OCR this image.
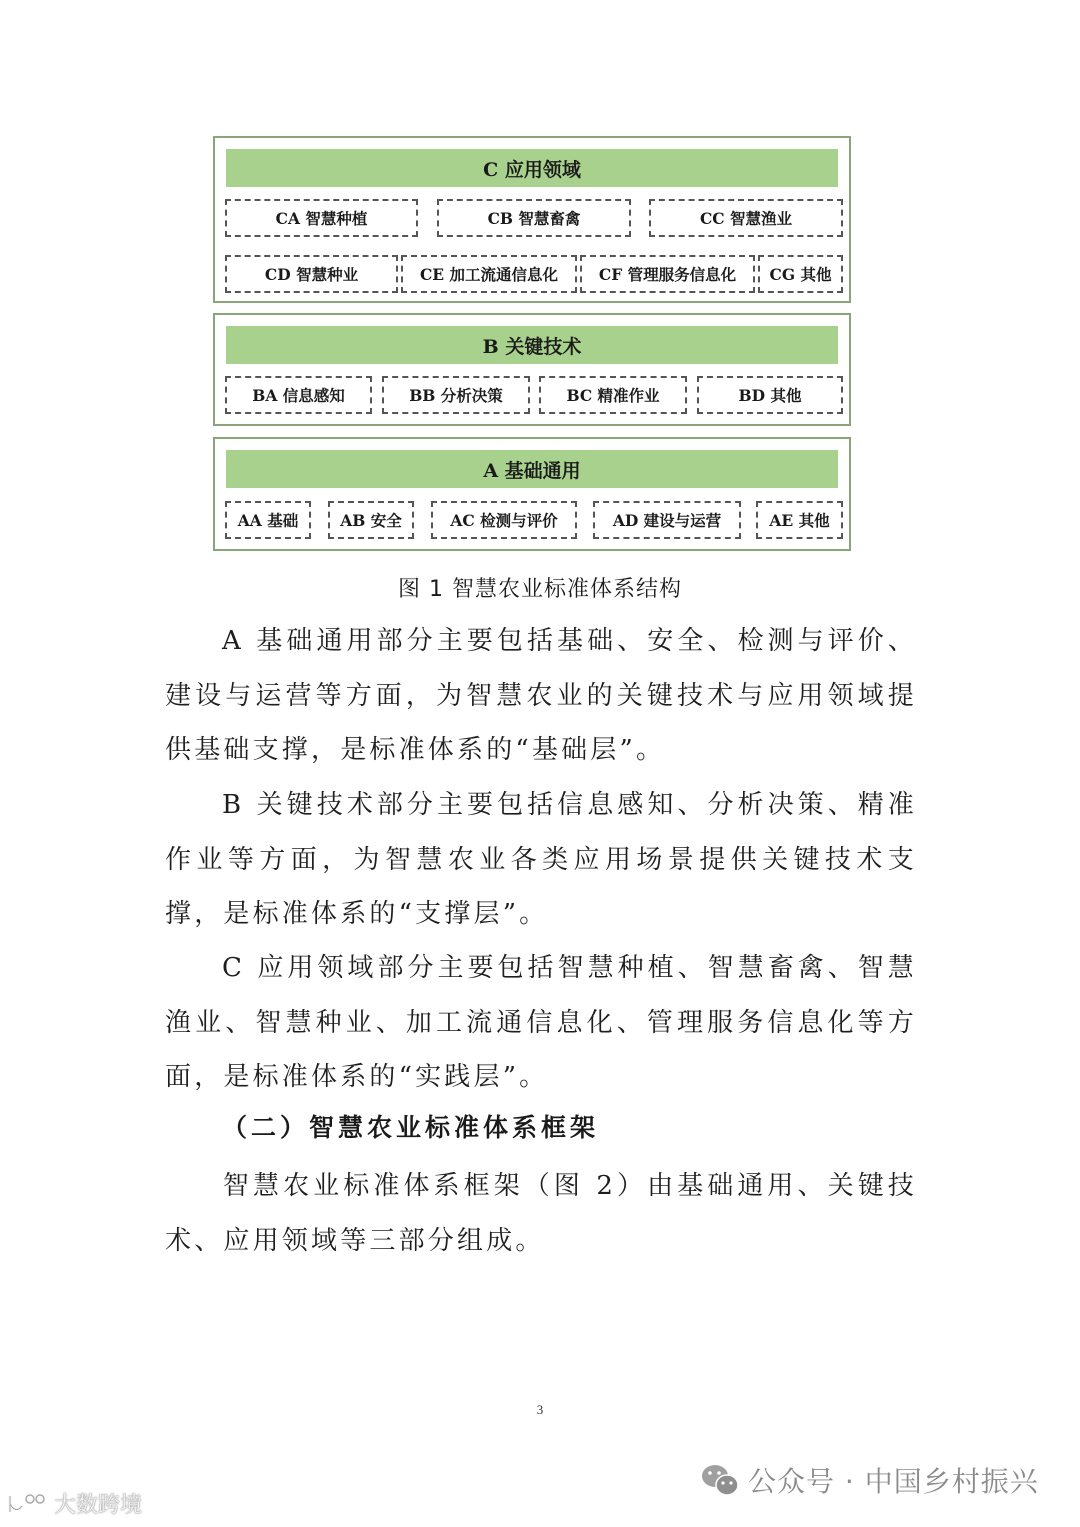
C 应用领域
CA 智慧种植	CB 智慧畜禽	CC 智慧渔业
CD 智慧种业	CE 加工流通信息化	CF 管理服务信息化	CG 其他
B 关键技术
BA 信息感知	BB 分析决策	BC 精准作业	BD 其他
A 基础通用
AA 基础	AB 安全	AC 检测与评价	AD 建设与运营	AE 其他
图 1 智慧农业标准体系结构
A 基础通用部分主要包括基础、安全、检测与评价、建设与运营等方面，为智慧农业的关键技术与应用领域提供基础支撑，是标准体系的“基础层”。
B 关键技术部分主要包括信息感知、分析决策、精准作业等方面，为智慧农业各类应用场景提供关键技术支撑，是标准体系的“支撑层”。
C 应用领域部分主要包括智慧种植、智慧畜禽、智慧渔业、智慧种业、加工流通信息化、管理服务信息化等方面，是标准体系的“实践层”。
（二）智慧农业标准体系框架
智慧农业标准体系框架（图 2）由基础通用、关键技术、应用领域等三部分组成。
3
公众号 · 中国乡村振兴
大数跨境
